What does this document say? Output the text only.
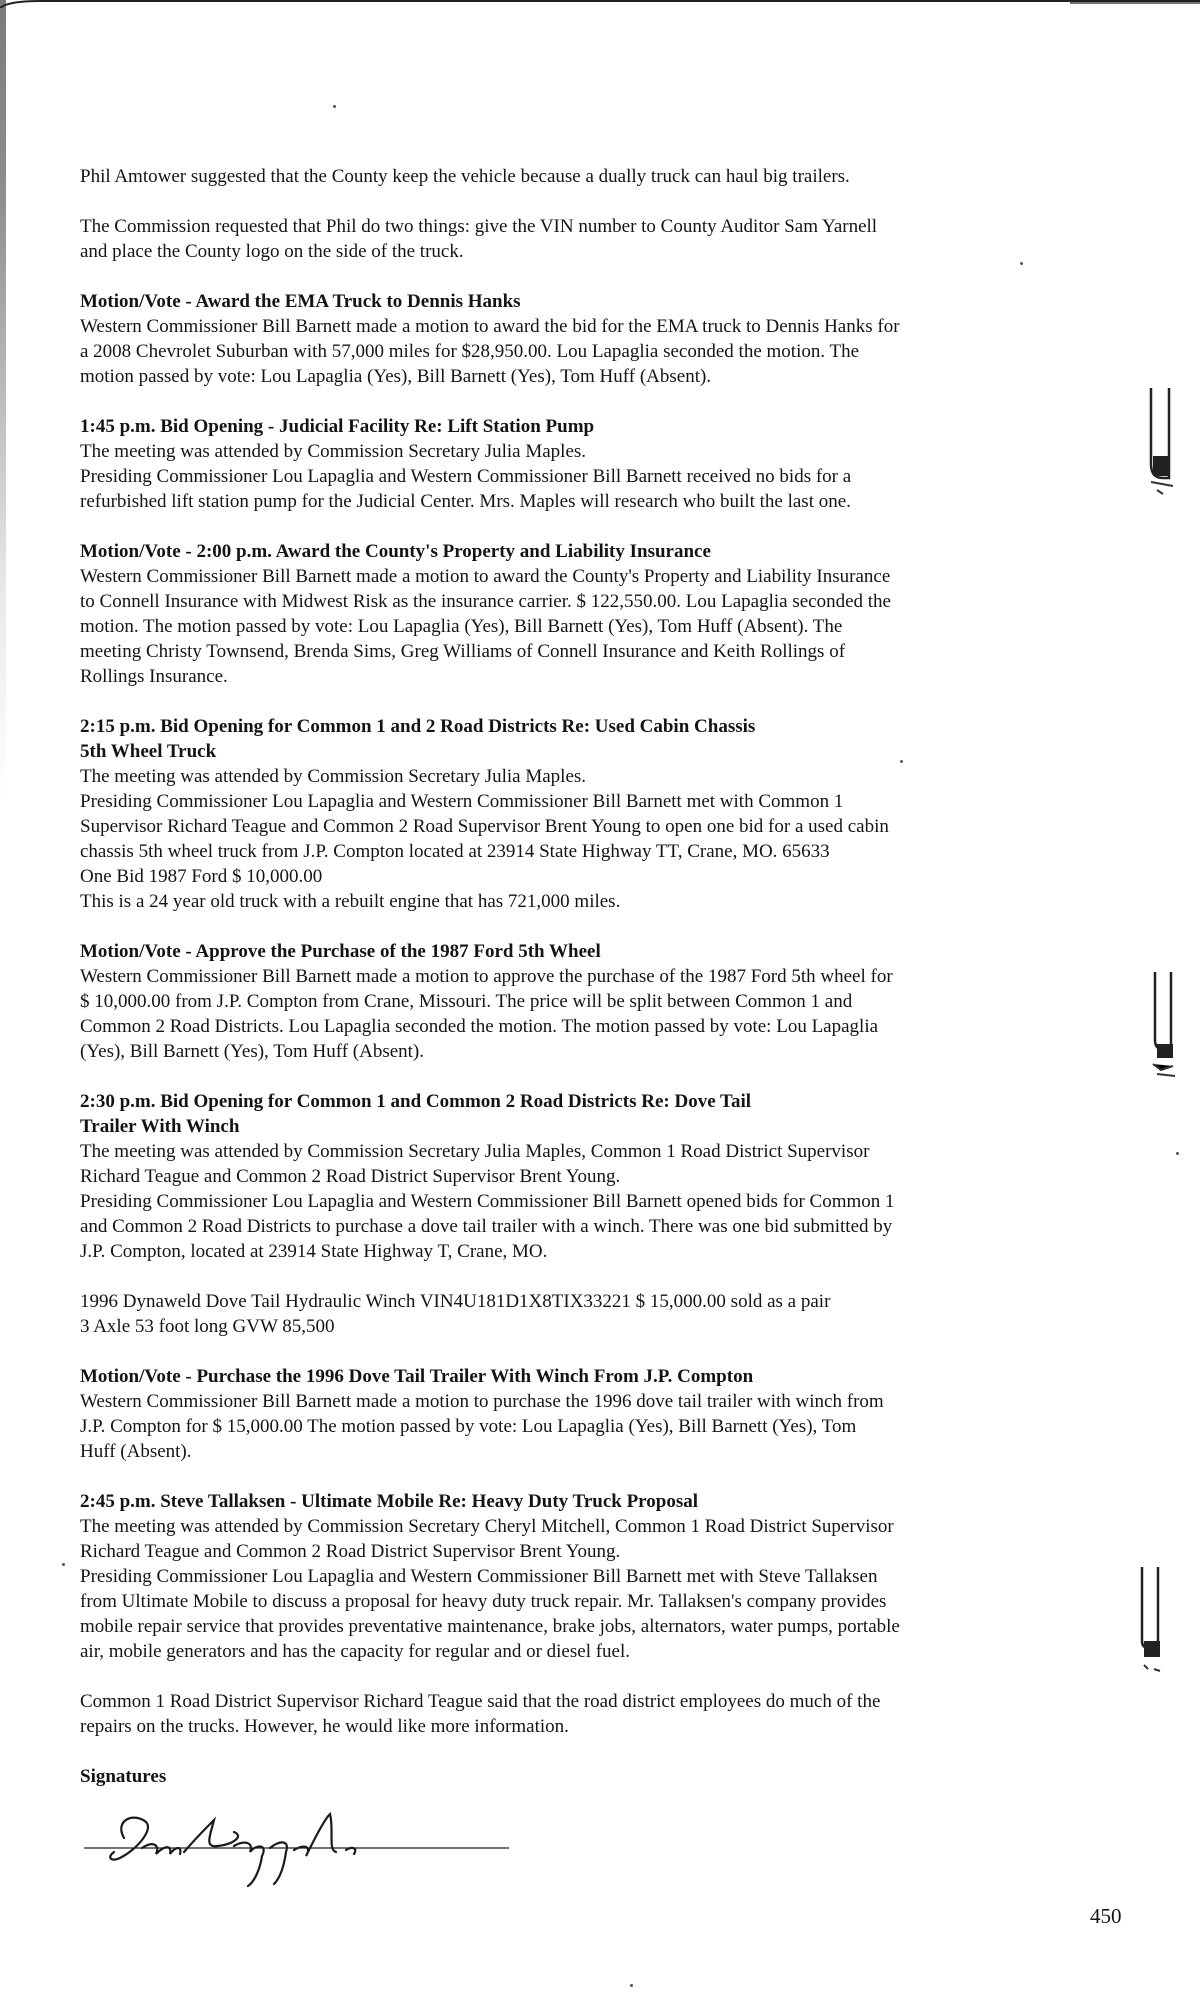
Phil Amtower suggested that the County keep the vehicle because a dually truck can haul big trailers.
The Commission requested that Phil do two things: give the VIN number to County Auditor Sam Yarnell
and place the County logo on the side of the truck.
Motion/Vote - Award the EMA Truck to Dennis Hanks
Western Commissioner Bill Barnett made a motion to award the bid for the EMA truck to Dennis Hanks for
a 2008 Chevrolet Suburban with 57,000 miles for $28,950.00. Lou Lapaglia seconded the motion. The
motion passed by vote: Lou Lapaglia (Yes), Bill Barnett (Yes), Tom Huff (Absent).
1:45 p.m. Bid Opening - Judicial Facility Re: Lift Station Pump
The meeting was attended by Commission Secretary Julia Maples.
Presiding Commissioner Lou Lapaglia and Western Commissioner Bill Barnett received no bids for a
refurbished lift station pump for the Judicial Center. Mrs. Maples will research who built the last one.
Motion/Vote - 2:00 p.m. Award the County's Property and Liability Insurance
Western Commissioner Bill Barnett made a motion to award the County's Property and Liability Insurance
to Connell Insurance with Midwest Risk as the insurance carrier. $ 122,550.00. Lou Lapaglia seconded the
motion. The motion passed by vote: Lou Lapaglia (Yes), Bill Barnett (Yes), Tom Huff (Absent). The
meeting Christy Townsend, Brenda Sims, Greg Williams of Connell Insurance and Keith Rollings of
Rollings Insurance.
2:15 p.m. Bid Opening for Common 1 and 2 Road Districts Re: Used Cabin Chassis
5th Wheel Truck
The meeting was attended by Commission Secretary Julia Maples.
Presiding Commissioner Lou Lapaglia and Western Commissioner Bill Barnett met with Common 1
Supervisor Richard Teague and Common 2 Road Supervisor Brent Young to open one bid for a used cabin
chassis 5th wheel truck from J.P. Compton located at 23914 State Highway TT, Crane, MO. 65633
One Bid 1987 Ford $ 10,000.00
This is a 24 year old truck with a rebuilt engine that has 721,000 miles.
Motion/Vote - Approve the Purchase of the 1987 Ford 5th Wheel
Western Commissioner Bill Barnett made a motion to approve the purchase of the 1987 Ford 5th wheel for
$ 10,000.00 from J.P. Compton from Crane, Missouri. The price will be split between Common 1 and
Common 2 Road Districts. Lou Lapaglia seconded the motion. The motion passed by vote: Lou Lapaglia
(Yes), Bill Barnett (Yes), Tom Huff (Absent).
2:30 p.m. Bid Opening for Common 1 and Common 2 Road Districts Re: Dove Tail
Trailer With Winch
The meeting was attended by Commission Secretary Julia Maples, Common 1 Road District Supervisor
Richard Teague and Common 2 Road District Supervisor Brent Young.
Presiding Commissioner Lou Lapaglia and Western Commissioner Bill Barnett opened bids for Common 1
and Common 2 Road Districts to purchase a dove tail trailer with a winch. There was one bid submitted by
J.P. Compton, located at 23914 State Highway T, Crane, MO.
1996 Dynaweld Dove Tail Hydraulic Winch VIN4U181D1X8TIX33221 $ 15,000.00 sold as a pair
3 Axle 53 foot long GVW 85,500
Motion/Vote - Purchase the 1996 Dove Tail Trailer With Winch From J.P. Compton
Western Commissioner Bill Barnett made a motion to purchase the 1996 dove tail trailer with winch from
J.P. Compton for $ 15,000.00 The motion passed by vote: Lou Lapaglia (Yes), Bill Barnett (Yes), Tom
Huff (Absent).
2:45 p.m. Steve Tallaksen - Ultimate Mobile Re: Heavy Duty Truck Proposal
The meeting was attended by Commission Secretary Cheryl Mitchell, Common 1 Road District Supervisor
Richard Teague and Common 2 Road District Supervisor Brent Young.
Presiding Commissioner Lou Lapaglia and Western Commissioner Bill Barnett met with Steve Tallaksen
from Ultimate Mobile to discuss a proposal for heavy duty truck repair. Mr. Tallaksen's company provides
mobile repair service that provides preventative maintenance, brake jobs, alternators, water pumps, portable
air, mobile generators and has the capacity for regular and or diesel fuel.
Common 1 Road District Supervisor Richard Teague said that the road district employees do much of the
repairs on the trucks. However, he would like more information.
Signatures
450
